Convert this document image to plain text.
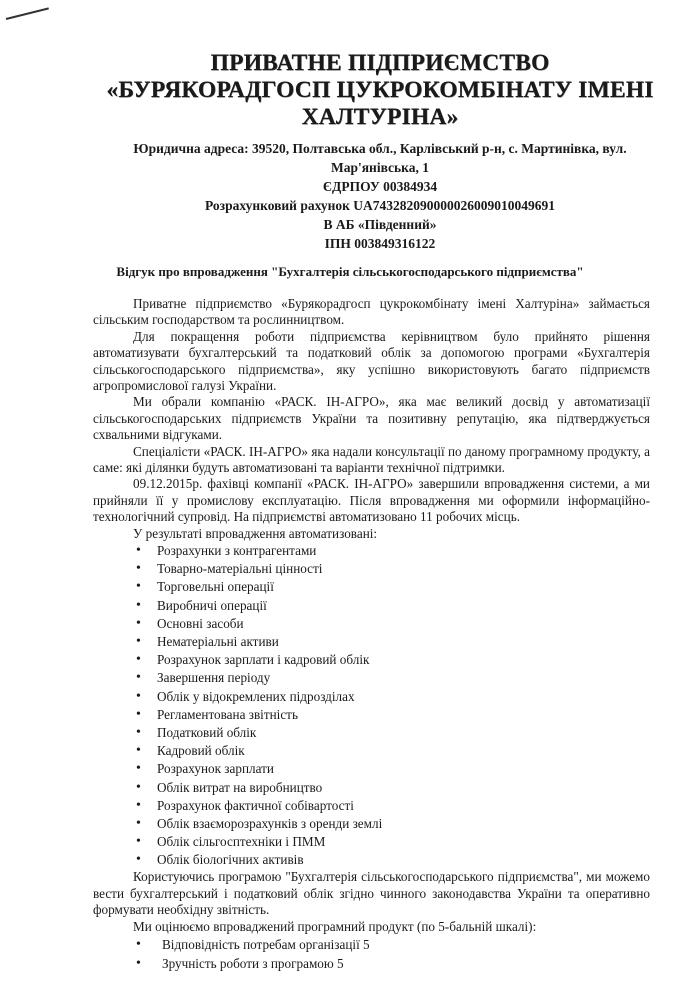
ПРИВАТНЕ ПІДПРИЄМСТВО
«БУРЯКОРАДГОСП ЦУКРОКОМБІНАТУ ІМЕНІ
ХАЛТУРІНА»
Юридична адреса: 39520, Полтавська обл., Карлівський р-н, с. Мартинівка, вул.
Мар'янівська, 1
ЄДРПОУ 00384934
Розрахунковий рахунок UA743282090000026009010049691
В АБ «Південний»
ІПН 003849316122
Відгук про впровадження "Бухгалтерія сільськогосподарського підприємства"

Приватне підприємство «Бурякорадгосп цукрокомбінату імені Халтуріна» займається сільським господарством та рослинництвом.

Для покращення роботи підприємства керівництвом було прийнято рішення автоматизувати бухгалтерський та податковий облік за допомогою програми «Бухгалтерія сільськогосподарського підприємства», яку успішно використовують багато підприємств агропромислової галузі України.

Ми обрали компанію «РАСК. ІН-АГРО», яка має великий досвід у автоматизації сільськогосподарських підприємств України та позитивну репутацію, яка підтверджується схвальними відгуками.

Спеціалісти «РАСК. ІН-АГРО» яка надали консультації по даному програмному продукту, а саме: які ділянки будуть автоматизовані та варіанти технічної підтримки.

09.12.2015р. фахівці компанії «РАСК. ІН-АГРО» завершили впровадження системи, а ми прийняли її у промислову експлуатацію. Після впровадження ми оформили інформаційно-технологічний супровід. На підприємстві автоматизовано 11 робочих місць.

У результаті впровадження автоматизовані:

• Розрахунки з контрагентами
• Товарно-матеріальні цінності
• Торговельні операції
• Виробничі операції
• Основні засоби
• Нематеріальні активи
• Розрахунок зарплати і кадровий облік
• Завершення періоду
• Облік у відокремлених підрозділах
• Регламентована звітність
• Податковий облік
• Кадровий облік
• Розрахунок зарплати
• Облік витрат на виробництво
• Розрахунок фактичної собівартості
• Облік взаєморозрахунків з оренди землі
• Облік сільгосптехніки і ПММ
• Облік біологічних активів

Користуючись програмою "Бухгалтерія сільськогосподарського підприємства", ми можемо вести бухгалтерський і податковий облік згідно чинного законодавства України та оперативно формувати необхідну звітність.

Ми оцінюємо впроваджений програмний продукт (по 5-бальній шкалі):

• Відповідність потребам організації 5
• Зручність роботи з програмою 5
